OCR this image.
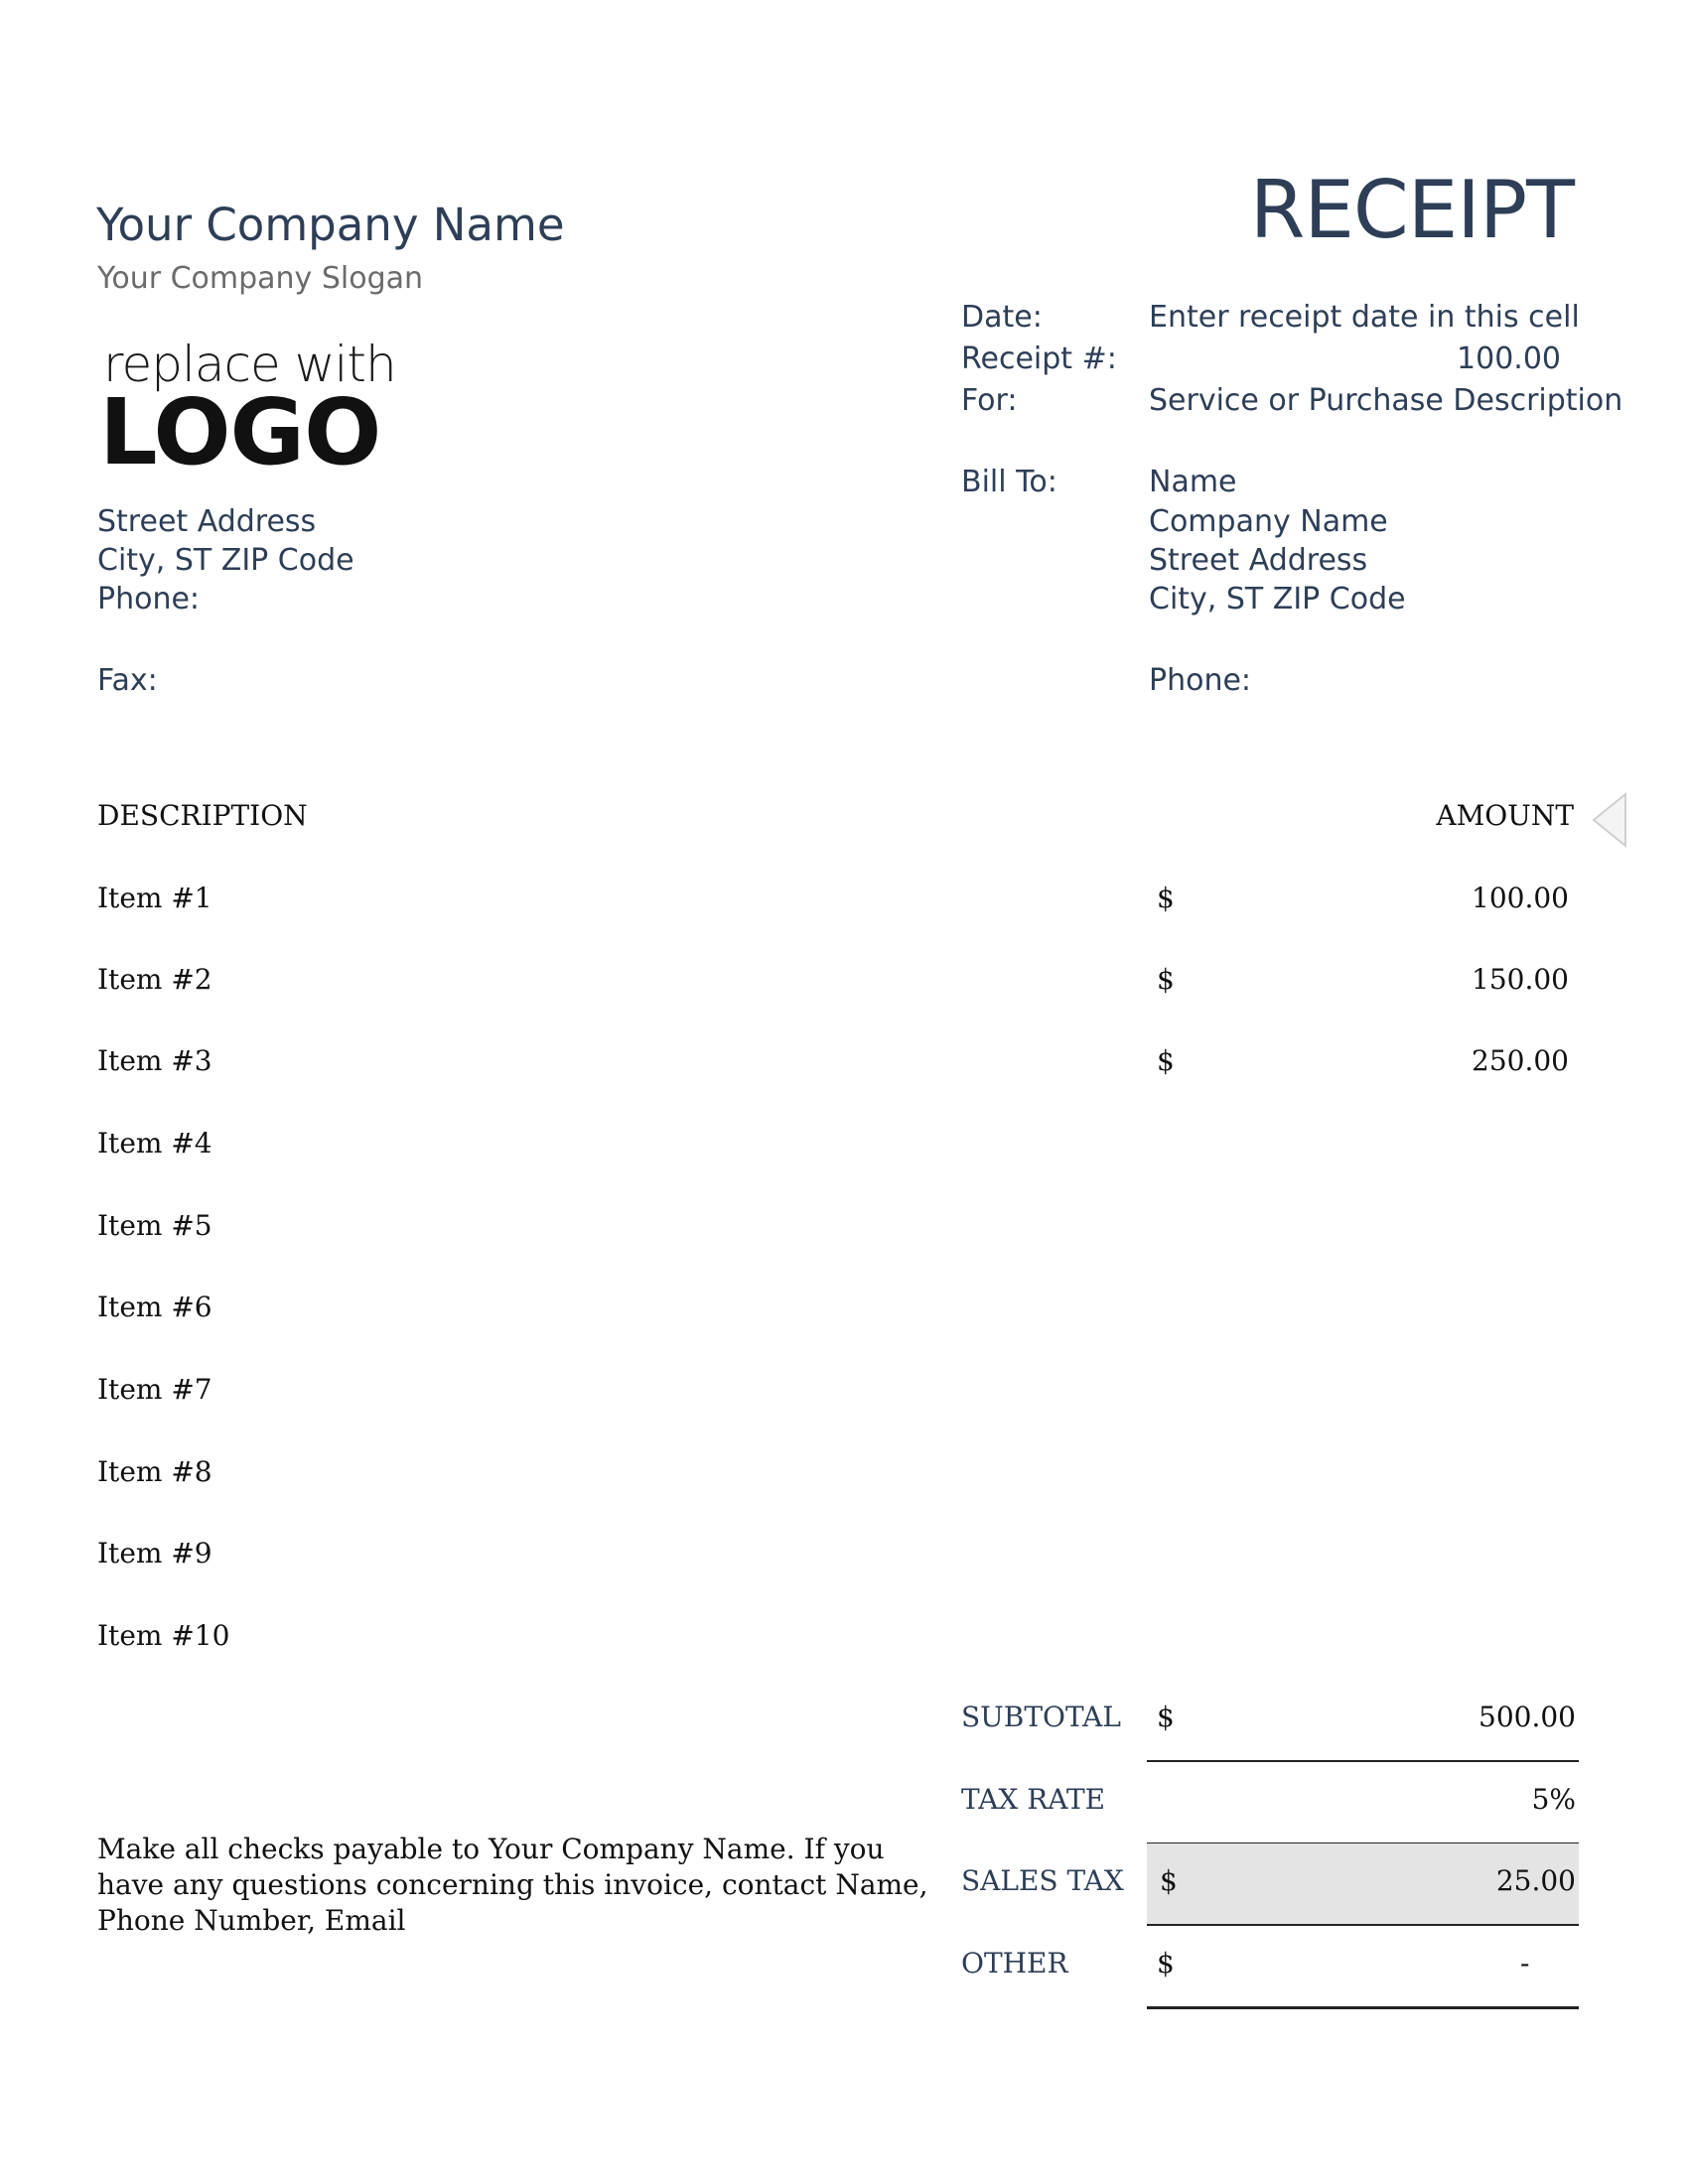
Your Company Name
Your Company Slogan
replace with
LOGO
Street Address
City, ST ZIP Code
Phone:
Fax:
RECEIPT
Date:	Enter receipt date in this cell
Receipt #:	100.00
For:	Service or Purchase Description
Bill To:	Name
Company Name
Street Address
City, ST ZIP Code
Phone:
DESCRIPTION	AMOUNT
Item #1	$	100.00
Item #2	$	150.00
Item #3	$	250.00
Item #4
Item #5
Item #6
Item #7
Item #8
Item #9
Item #10
SUBTOTAL $	500.00
TAX RATE	5%
SALES TAX $	25.00
OTHER	$	-
Make all checks payable to Your Company Name. If you have any questions concerning this invoice, contact Name, Phone Number, Email
